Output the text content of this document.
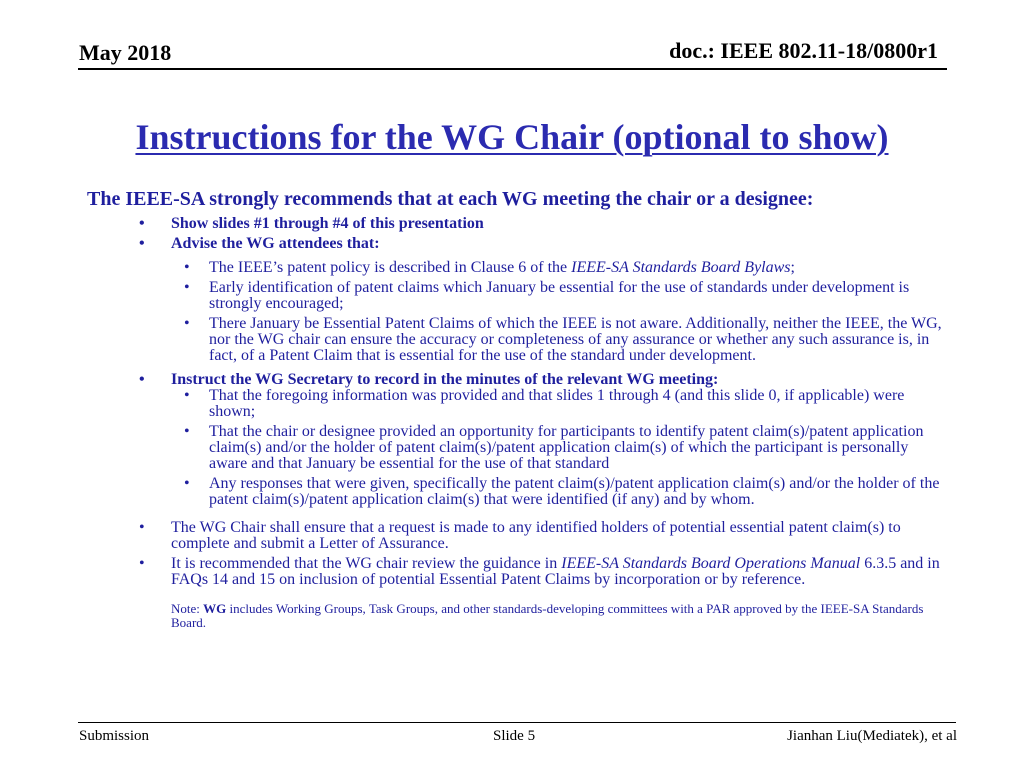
May 2018	doc.: IEEE 802.11-18/0800r1
Instructions for the WG Chair (optional to show)

The IEEE-SA strongly recommends that at each WG meeting the chair or a designee:

• Show slides #1 through #4 of this presentation
• Advise the WG attendees that:
• The IEEE’s patent policy is described in Clause 6 of the IEEE-SA Standards Board Bylaws;
• Early identification of patent claims which January be essential for the use of standards under development is strongly encouraged;
• There January be Essential Patent Claims of which the IEEE is not aware. Additionally, neither the IEEE, the WG, nor the WG chair can ensure the accuracy or completeness of any assurance or whether any such assurance is, in fact, of a Patent Claim that is essential for the use of the standard under development.
• Instruct the WG Secretary to record in the minutes of the relevant WG meeting:
• That the foregoing information was provided and that slides 1 through 4 (and this slide 0, if applicable) were shown;
• That the chair or designee provided an opportunity for participants to identify patent claim(s)/patent application claim(s) and/or the holder of patent claim(s)/patent application claim(s) of which the participant is personally aware and that January be essential for the use of that standard
• Any responses that were given, specifically the patent claim(s)/patent application claim(s) and/or the holder of the patent claim(s)/patent application claim(s) that were identified (if any) and by whom.
• The WG Chair shall ensure that a request is made to any identified holders of potential essential patent claim(s) to complete and submit a Letter of Assurance.
• It is recommended that the WG chair review the guidance in IEEE-SA Standards Board Operations Manual 6.3.5 and in FAQs 14 and 15 on inclusion of potential Essential Patent Claims by incorporation or by reference.
Note: WG includes Working Groups, Task Groups, and other standards-developing committees with a PAR approved by the IEEE-SA Standards Board.
Submission	Slide 5	Jianhan Liu(Mediatek), et al
